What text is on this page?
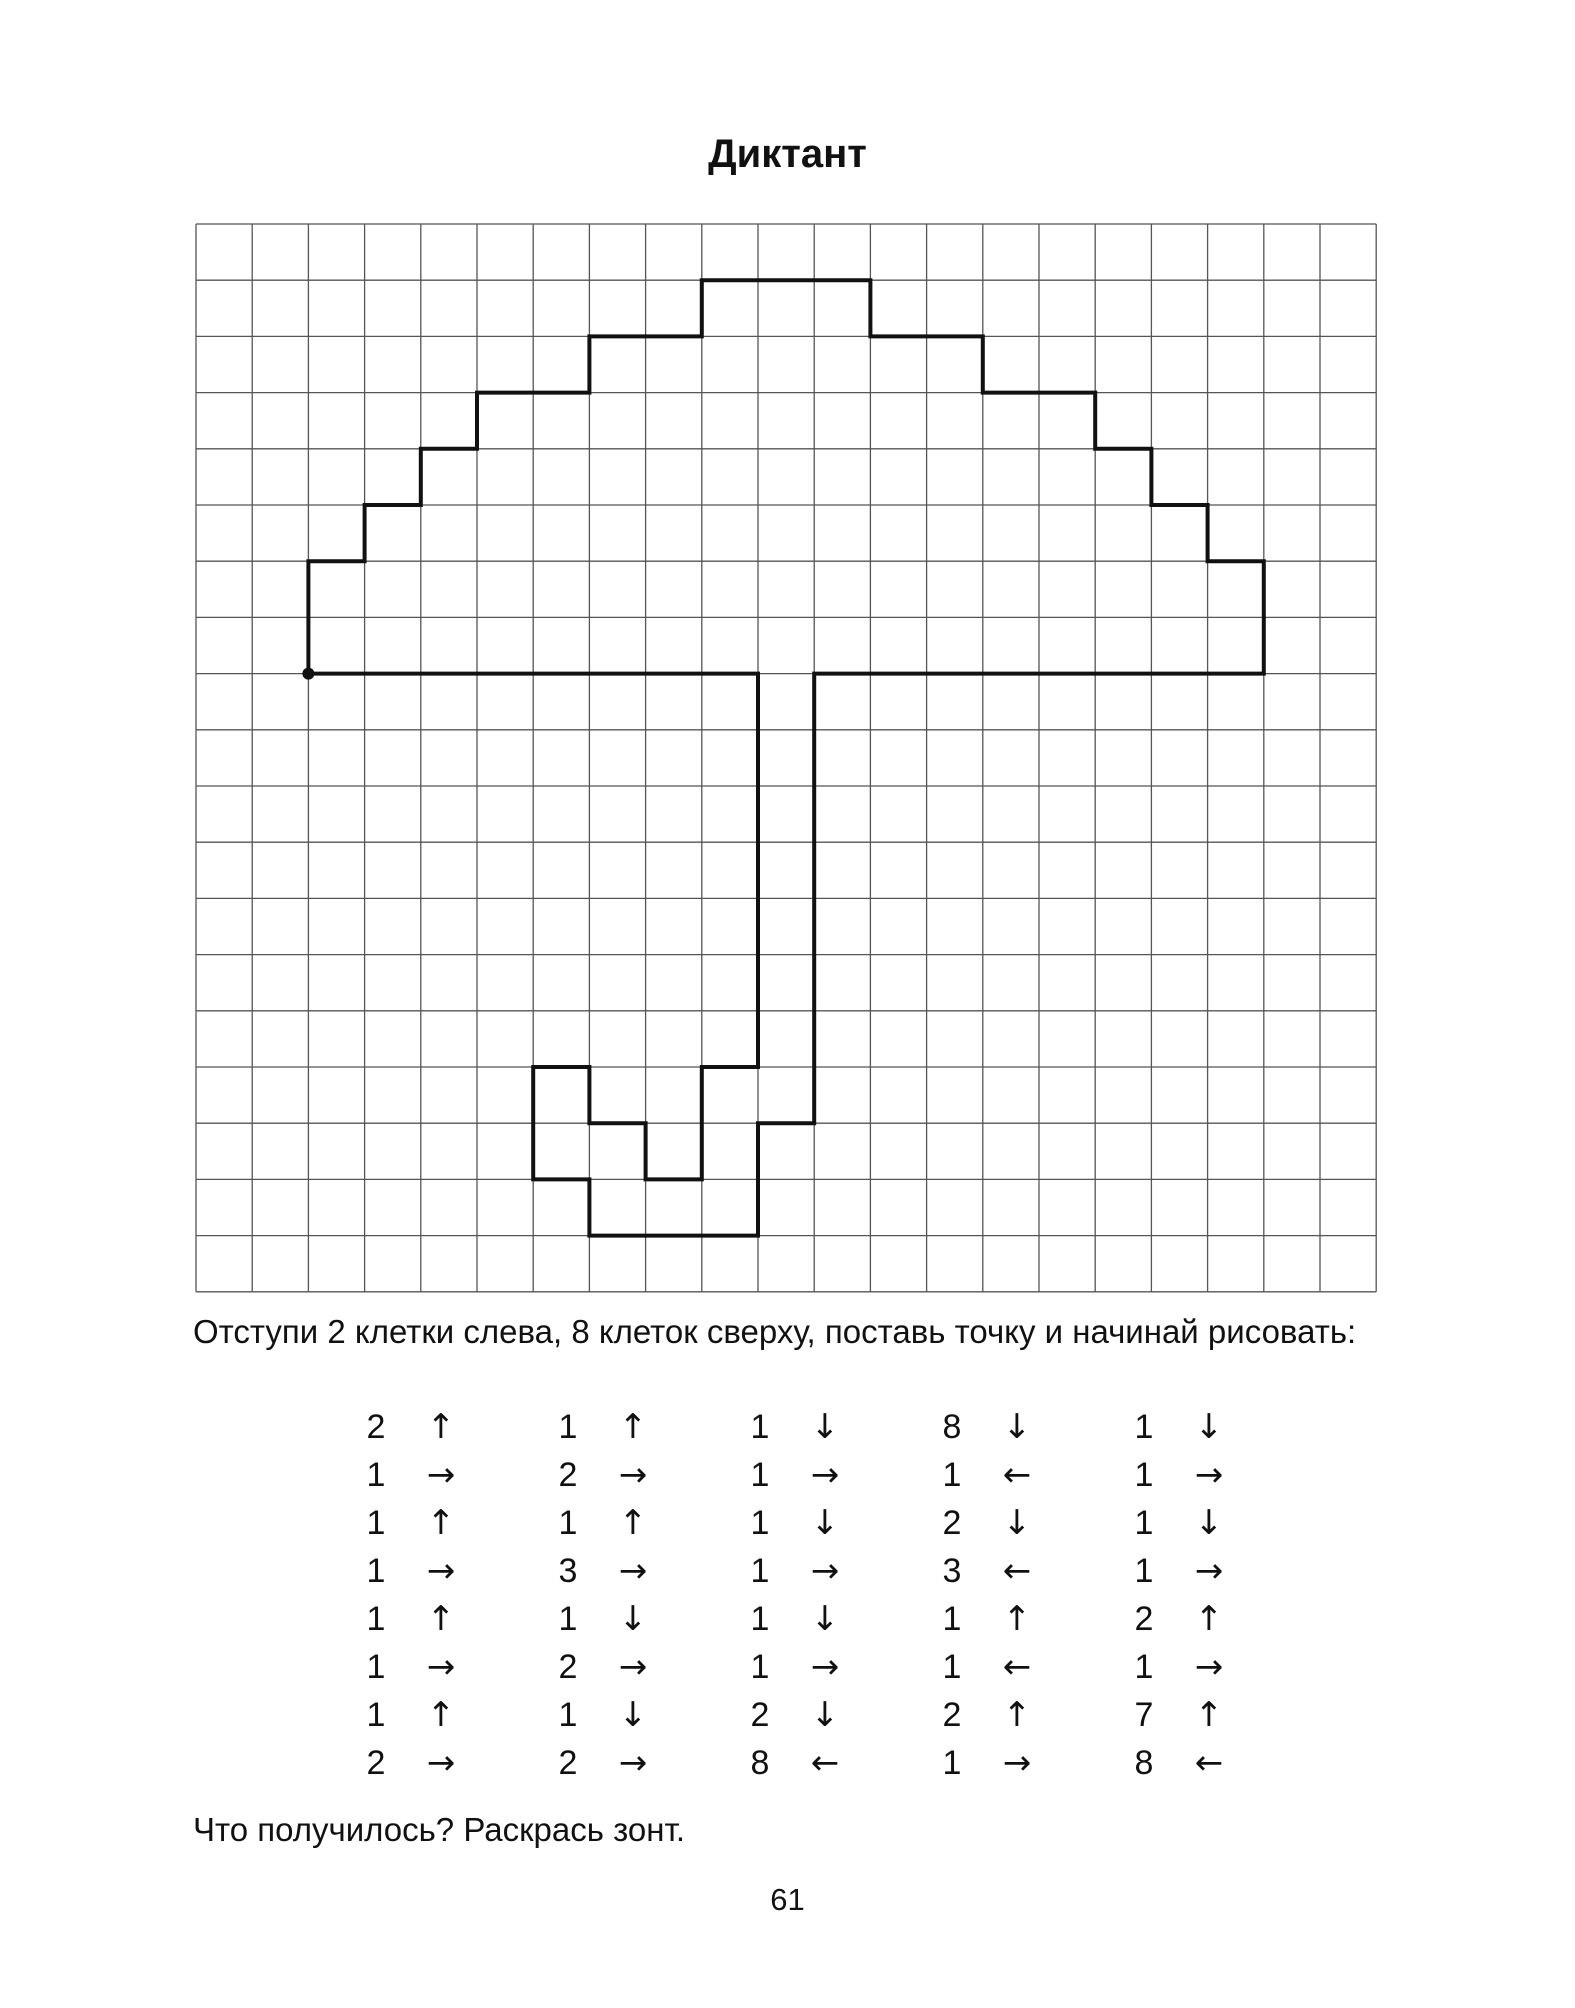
Диктант
Отступи 2 клетки слева, 8 клеток сверху, поставь точку и начинай рисовать:
2	↑
1	→
1	↑
1	→
1	↑
1	→
1	↑
2	→
1	↑
2	→
1	↑
3	→
1	↓
2	→
1	↓
2	→
1	↓
1	→
1	↓
1	→
1	↓
1	→
2	↓
8	←
8	↓
1	←
2	↓
3	←
1	↑
1	←
2	↑
1	→
1	↓
1	→
1	↓
1	→
2	↑
1	→
7	↑
8	←
Что получилось? Раскрась зонт.
61
